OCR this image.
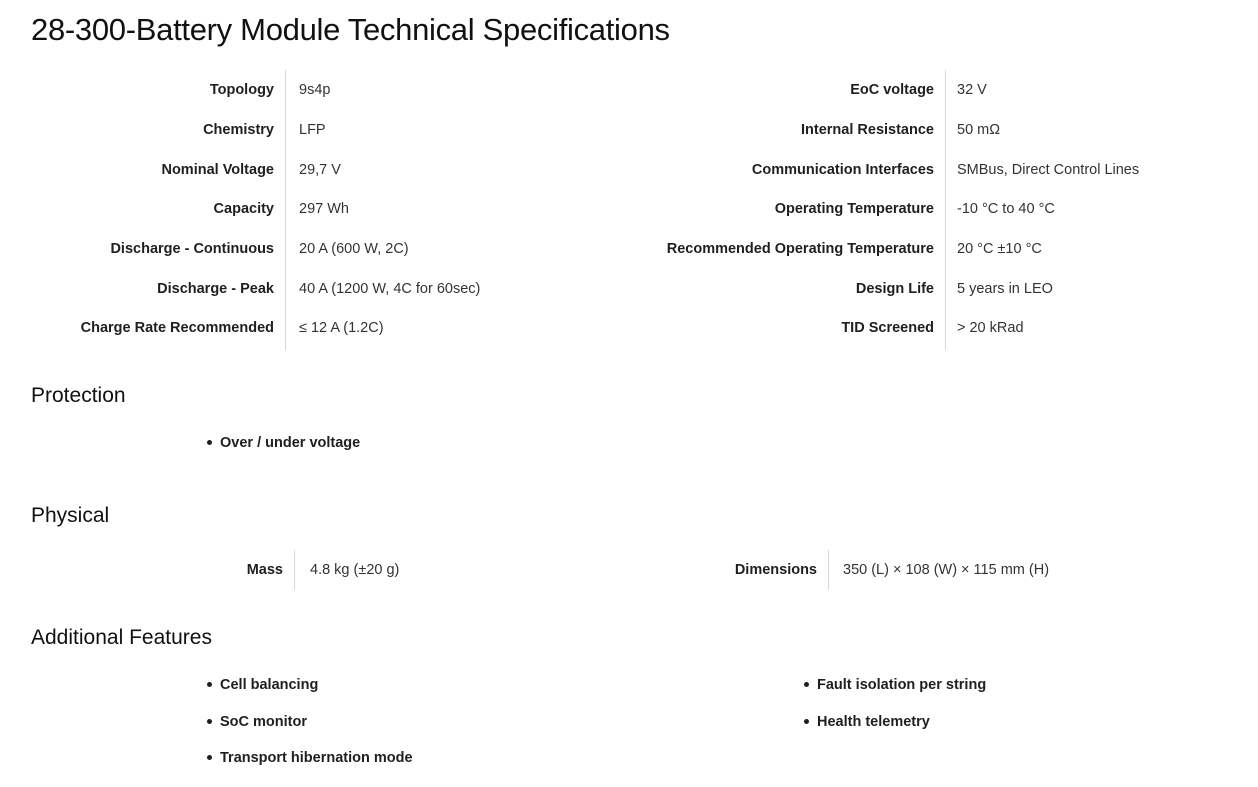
28-300-Battery Module Technical Specifications
Topology 9s4p
Chemistry LFP
Nominal Voltage 29,7 V
Capacity 297 Wh
Discharge - Continuous 20 A (600 W, 2C)
Discharge - Peak 40 A (1200 W, 4C for 60sec)
Charge Rate Recommended ≤ 12 A (1.2C)
EoC voltage 32 V
Internal Resistance 50 mΩ
Communication Interfaces SMBus, Direct Control Lines
Operating Temperature -10 °C to 40 °C
Recommended Operating Temperature 20 °C ±10 °C
Design Life 5 years in LEO
TID Screened > 20 kRad
Protection
Over / under voltage
Physical
Mass 4.8 kg (±20 g)	Dimensions 350 (L) × 108 (W) × 115 mm (H)
Additional Features
Cell balancing
SoC monitor
Transport hibernation mode
Fault isolation per string
Health telemetry
